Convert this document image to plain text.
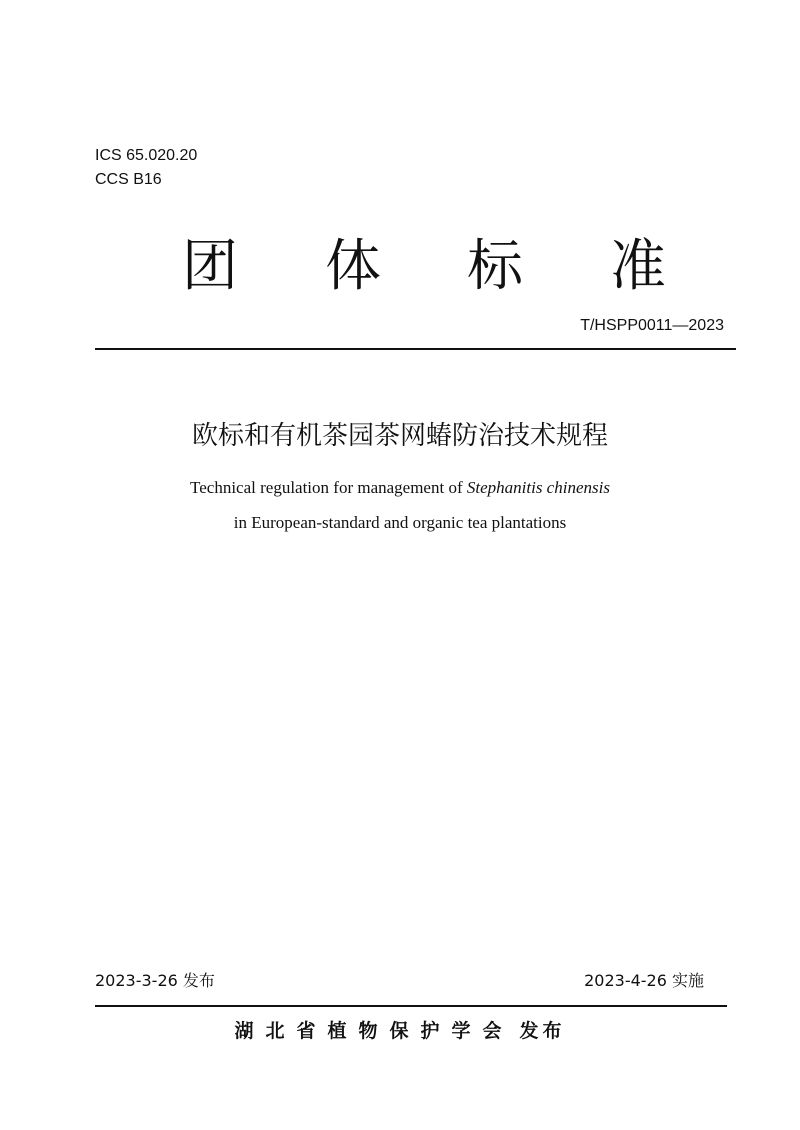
ICS 65.020.20
CCS B16
团 体 标 准
T/HSPP0011—2023
欧标和有机茶园茶网蝽防治技术规程
Technical regulation for management of Stephanitis chinensis
in European-standard and organic tea plantations
2023-3-26 发布	2023-4-26 实施
湖北省植物保护学会 发布
